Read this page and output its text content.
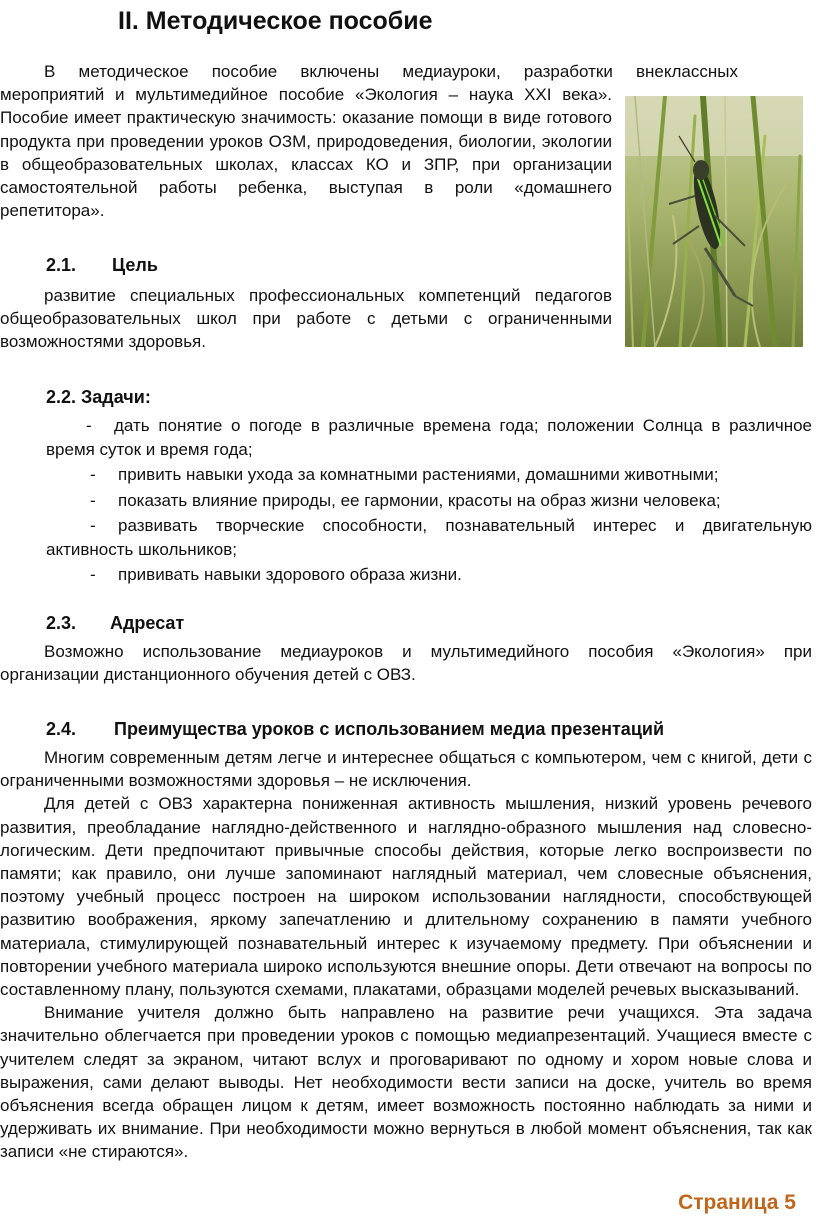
II. Методическое пособие

В методическое пособие включены медиауроки, разработки внеклассных

мероприятий и мультимедийное пособие «Экология – наука XXI века». Пособие имеет практическую значимость: оказание помощи в виде готового продукта при проведении уроков ОЗМ, природоведения, биологии, экологии в общеобразовательных школах, классах КО и ЗПР, при организации самостоятельной работы ребенка, выступая в роли «домашнего репетитора».

2.1. Цель

развитие специальных профессиональных компетенций педагогов общеобразовательных школ при работе с детьми с ограниченными возможностями здоровья.

2.2. Задачи:

- дать понятие о погоде в различные времена года; положении Солнца в различное время суток и время года;

- привить навыки ухода за комнатными растениями, домашними животными;

- показать влияние природы, ее гармонии, красоты на образ жизни человека;

- развивать творческие способности, познавательный интерес и двигательную активность школьников;

- прививать навыки здорового образа жизни.

2.3. Адресат

Возможно использование медиауроков и мультимедийного пособия «Экология» при организации дистанционного обучения детей с ОВЗ.

2.4. Преимущества уроков с использованием медиа презентаций

Многим современным детям легче и интереснее общаться с компьютером, чем с книгой, дети с ограниченными возможностями здоровья – не исключения.

Для детей с ОВЗ характерна пониженная активность мышления, низкий уровень речевого развития, преобладание наглядно-действенного и наглядно-образного мышления над словесно-логическим. Дети предпочитают привычные способы действия, которые легко воспроизвести по памяти; как правило, они лучше запоминают наглядный материал, чем словесные объяснения, поэтому учебный процесс построен на широком использовании наглядности, способствующей развитию воображения, яркому запечатлению и длительному сохранению в памяти учебного материала, стимулирующей познавательный интерес к изучаемому предмету. При объяснении и повторении учебного материала широко используются внешние опоры. Дети отвечают на вопросы по составленному плану, пользуются схемами, плакатами, образцами моделей речевых высказываний.

Внимание учителя должно быть направлено на развитие речи учащихся. Эта задача значительно облегчается при проведении уроков с помощью медиапрезентаций. Учащиеся вместе с учителем следят за экраном, читают вслух и проговаривают по одному и хором новые слова и выражения, сами делают выводы. Нет необходимости вести записи на доске, учитель во время объяснения всегда обращен лицом к детям, имеет возможность постоянно наблюдать за ними и удерживать их внимание. При необходимости можно вернуться в любой момент объяснения, так как записи «не стираются».

Страница 5
